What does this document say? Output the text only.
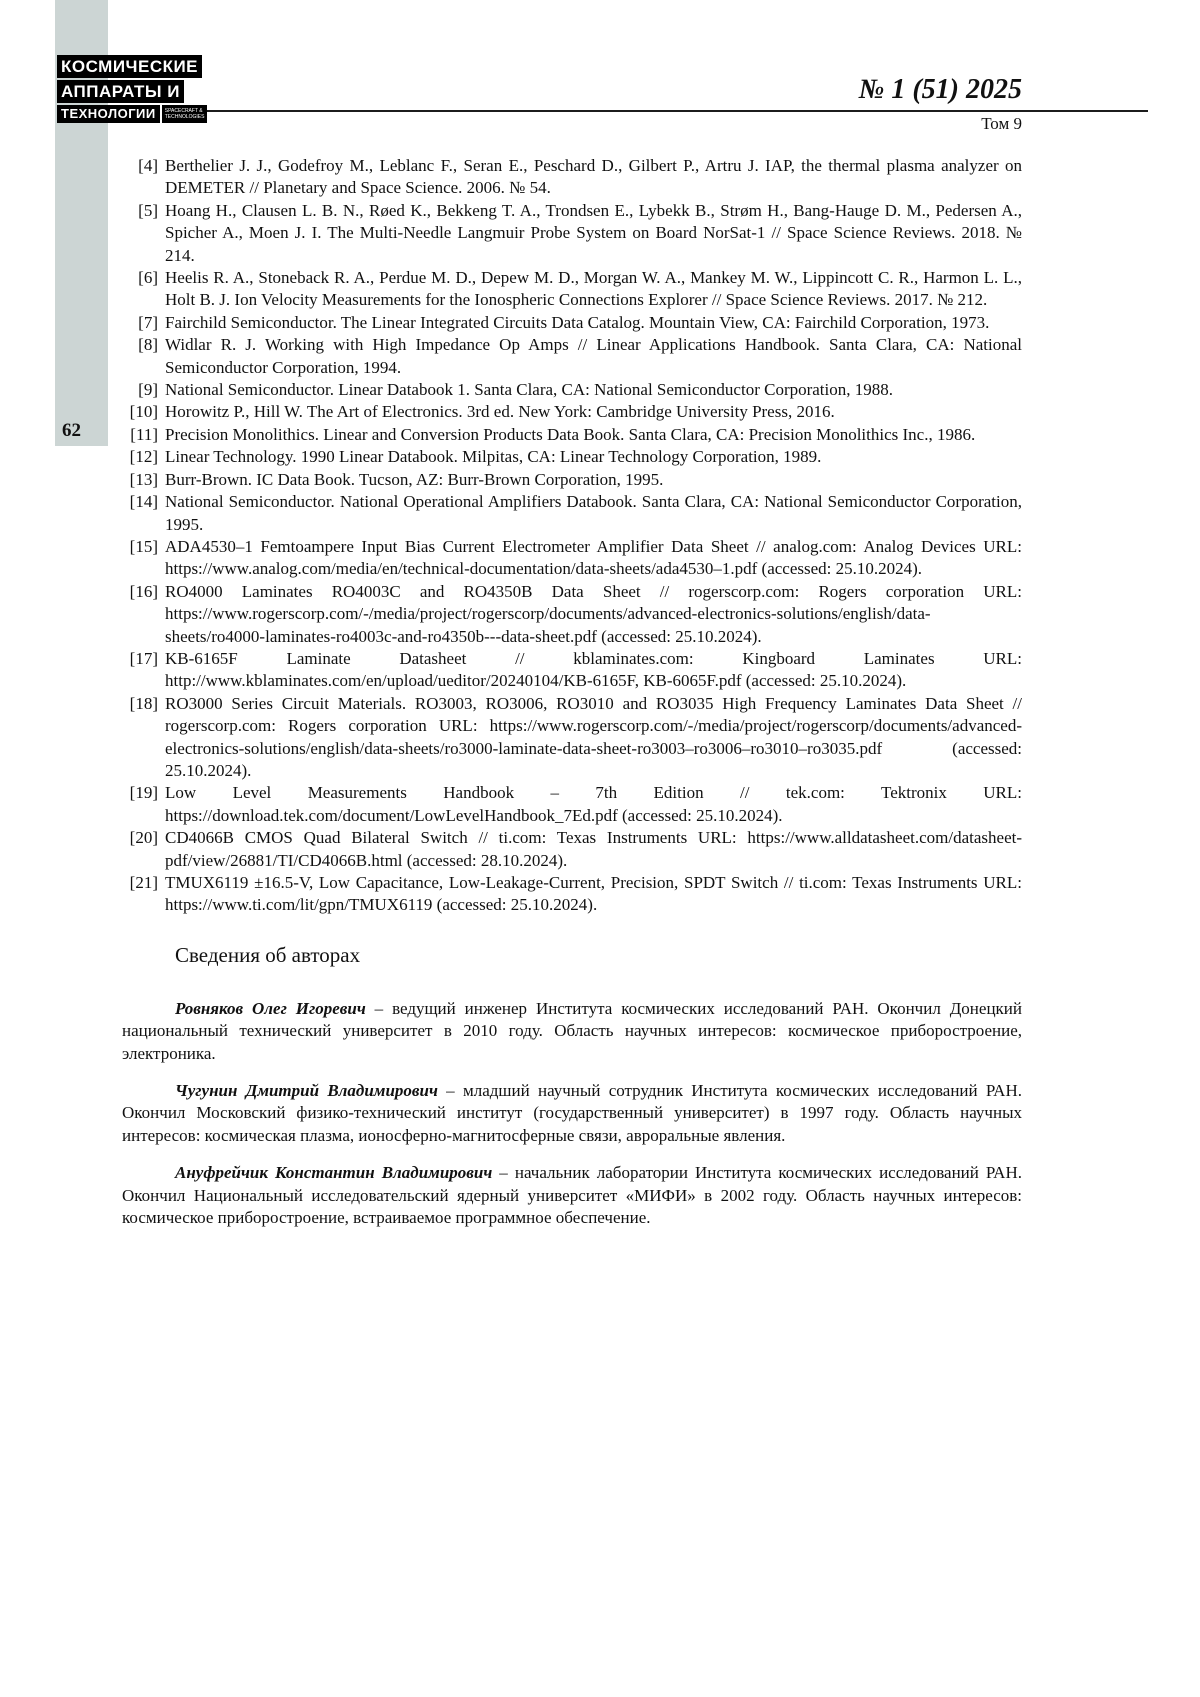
62
КОСМИЧЕСКИЕ
АППАРАТЫ И
ТЕХНОЛОГИИ	SPACECRAFT &
TECHNOLOGIES
№ 1 (51) 2025
Том 9
[4] Berthelier J. J., Godefroy M., Leblanc F., Seran E., Peschard D., Gilbert P., Artru J. IAP, the thermal plasma analyzer on DEMETER // Planetary and Space Science. 2006. № 54.
[5] Hoang H., Clausen L. B. N., Røed K., Bekkeng T. A., Trondsen E., Lybekk B., Strøm H., Bang-Hauge D. M., Pedersen A., Spicher A., Moen J. I. The Multi-Needle Langmuir Probe System on Board NorSat-1 // Space Science Reviews. 2018. № 214.
[6] Heelis R. A., Stoneback R. A., Perdue M. D., Depew M. D., Morgan W. A., Mankey M. W., Lippincott C. R., Harmon L. L., Holt B. J. Ion Velocity Measurements for the Ionospheric Connections Explorer // Space Science Reviews. 2017. № 212.
[7] Fairchild Semiconductor. The Linear Integrated Circuits Data Catalog. Mountain View, CA: Fairchild Corporation, 1973.
[8] Widlar R. J. Working with High Impedance Op Amps // Linear Applications Handbook. Santa Clara, CA: National Semiconductor Corporation, 1994.
[9] National Semiconductor. Linear Databook 1. Santa Clara, CA: National Semiconductor Corporation, 1988.
[10] Horowitz P., Hill W. The Art of Electronics. 3rd ed. New York: Cambridge University Press, 2016.
[11] Precision Monolithics. Linear and Conversion Products Data Book. Santa Clara, CA: Precision Monolithics Inc., 1986.
[12] Linear Technology. 1990 Linear Databook. Milpitas, CA: Linear Technology Corporation, 1989.
[13] Burr-Brown. IC Data Book. Tucson, AZ: Burr-Brown Corporation, 1995.
[14] National Semiconductor. National Operational Amplifiers Databook. Santa Clara, CA: National Semiconductor Corporation, 1995.
[15] ADA4530–1 Femtoampere Input Bias Current Electrometer Amplifier Data Sheet // analog.com: Analog Devices URL: https://www.analog.com/media/en/technical-documentation/data-sheets/ada4530–1.pdf (accessed: 25.10.2024).
[16] RO4000 Laminates RO4003C and RO4350B Data Sheet // rogerscorp.com: Rogers corporation URL: https://www.rogerscorp.com/-/media/project/rogerscorp/documents/advanced-electronics-solutions/english/data-sheets/ro4000-laminates-ro4003c-and-ro4350b---data-sheet.pdf (accessed: 25.10.2024).
[17] KB-6165F Laminate Datasheet // kblaminates.com: Kingboard Laminates URL: http://www.kblaminates.com/en/upload/ueditor/20240104/KB-6165F, KB-6065F.pdf (accessed: 25.10.2024).
[18] RO3000 Series Circuit Materials. RO3003, RO3006, RO3010 and RO3035 High Frequency Laminates Data Sheet // rogerscorp.com: Rogers corporation URL: https://www.rogerscorp.com/-/media/project/rogerscorp/documents/advanced-electronics-solutions/english/data-sheets/ro3000-laminate-data-sheet-ro3003–ro3006–ro3010–ro3035.pdf (accessed: 25.10.2024).
[19] Low Level Measurements Handbook – 7th Edition // tek.com: Tektronix URL: https://download.tek.com/document/LowLevelHandbook_7Ed.pdf (accessed: 25.10.2024).
[20] CD4066B CMOS Quad Bilateral Switch // ti.com: Texas Instruments URL: https://www.alldatasheet.com/datasheet-pdf/view/26881/TI/CD4066B.html (accessed: 28.10.2024).
[21] TMUX6119 ±16.5-V, Low Capacitance, Low-Leakage-Current, Precision, SPDT Switch // ti.com: Texas Instruments URL: https://www.ti.com/lit/gpn/TMUX6119 (accessed: 25.10.2024).
Сведения об авторах

Ровняков Олег Игоревич – ведущий инженер Института космических исследований РАН. Окончил Донецкий национальный технический университет в 2010 году. Область научных интересов: космическое приборостроение, электроника.

Чугунин Дмитрий Владимирович – младший научный сотрудник Института космических исследований РАН. Окончил Московский физико-технический институт (государственный университет) в 1997 году. Область научных интересов: космическая плазма, ионосферно-магнитосферные связи, авроральные явления.

Ануфрейчик Константин Владимирович – начальник лаборатории Института космических исследований РАН. Окончил Национальный исследовательский ядерный университет «МИФИ» в 2002 году. Область научных интересов: космическое приборостроение, встраиваемое программное обеспечение.
